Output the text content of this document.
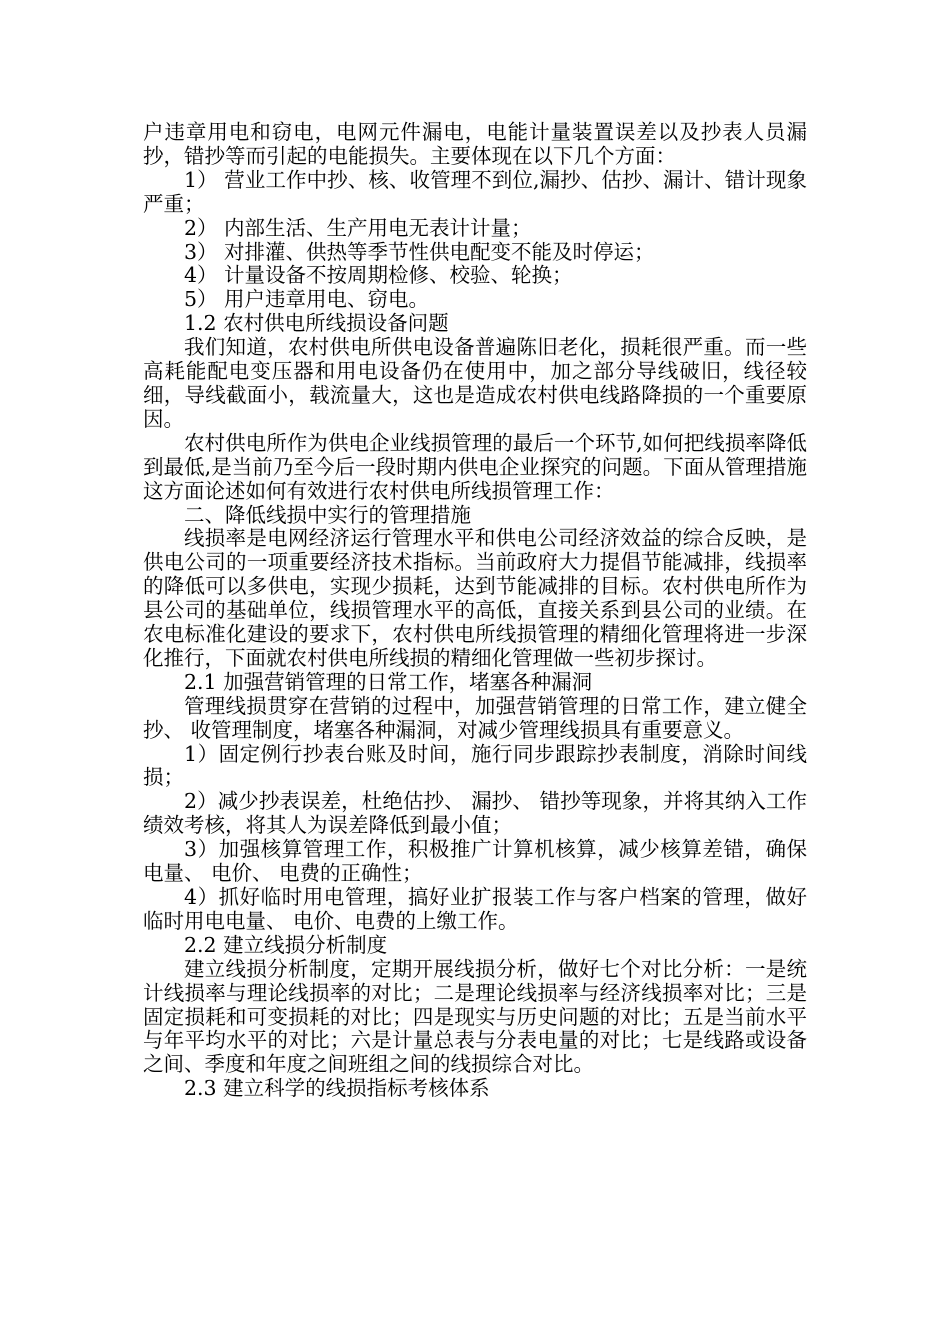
户违章用电和窃电，电网元件漏电，电能计量装置误差以及抄表人员漏抄，错抄等而引起的电能损失。主要体现在以下几个方面：

1） 营业工作中抄、核、收管理不到位,漏抄、估抄、漏计、错计现象严重；

2） 内部生活、生产用电无表计计量；

3） 对排灌、供热等季节性供电配变不能及时停运；

4） 计量设备不按周期检修、校验、轮换；

5） 用户违章用电、窃电。

1.2 农村供电所线损设备问题

我们知道，农村供电所供电设备普遍陈旧老化，损耗很严重。而一些高耗能配电变压器和用电设备仍在使用中，加之部分导线破旧，线径较细，导线截面小，载流量大，这也是造成农村供电线路降损的一个重要原因。

农村供电所作为供电企业线损管理的最后一个环节,如何把线损率降低到最低,是当前乃至今后一段时期内供电企业探究的问题。下面从管理措施这方面论述如何有效进行农村供电所线损管理工作：

二、降低线损中实行的管理措施

线损率是电网经济运行管理水平和供电公司经济效益的综合反映，是供电公司的一项重要经济技术指标。当前政府大力提倡节能减排，线损率的降低可以多供电，实现少损耗，达到节能减排的目标。农村供电所作为县公司的基础单位，线损管理水平的高低，直接关系到县公司的业绩。在农电标准化建设的要求下，农村供电所线损管理的精细化管理将进一步深化推行，下面就农村供电所线损的精细化管理做一些初步探讨。

2.1 加强营销管理的日常工作，堵塞各种漏洞

管理线损贯穿在营销的过程中，加强营销管理的日常工作，建立健全抄、 收管理制度，堵塞各种漏洞，对减少管理线损具有重要意义。

1）固定例行抄表台账及时间，施行同步跟踪抄表制度，消除时间线损；

2）减少抄表误差，杜绝估抄、 漏抄、 错抄等现象，并将其纳入工作绩效考核，将其人为误差降低到最小值；

3）加强核算管理工作，积极推广计算机核算，减少核算差错，确保电量、 电价、 电费的正确性；

4）抓好临时用电管理，搞好业扩报装工作与客户档案的管理，做好临时用电电量、 电价、电费的上缴工作。

2.2 建立线损分析制度

建立线损分析制度，定期开展线损分析，做好七个对比分析：一是统计线损率与理论线损率的对比；二是理论线损率与经济线损率对比；三是固定损耗和可变损耗的对比；四是现实与历史问题的对比；五是当前水平与年平均水平的对比；六是计量总表与分表电量的对比；七是线路或设备之间、季度和年度之间班组之间的线损综合对比。

2.3 建立科学的线损指标考核体系
